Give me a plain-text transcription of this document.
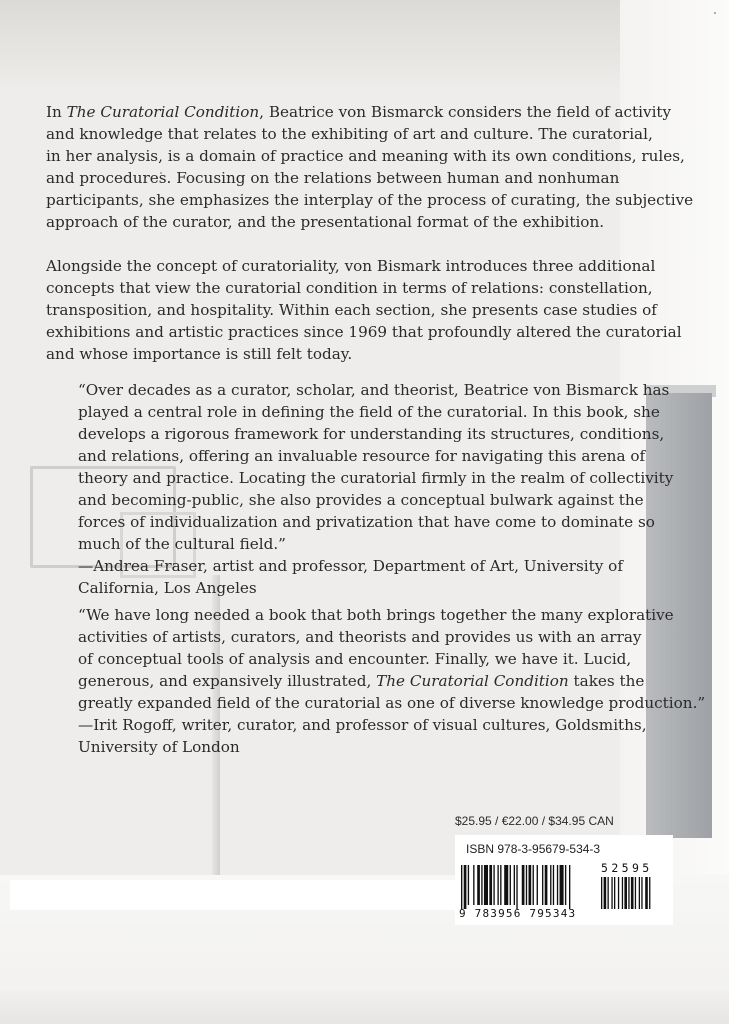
In The Curatorial Condition, Beatrice von Bismarck considers the field of activity
and knowledge that relates to the exhibiting of art and culture. The curatorial,
in her analysis, is a domain of practice and meaning with its own conditions, rules,
and procedures. Focusing on the relations between human and nonhuman
participants, she emphasizes the interplay of the process of curating, the subjective
approach of the curator, and the presentational format of the exhibition.

Alongside the concept of curatoriality, von Bismark introduces three additional
concepts that view the curatorial condition in terms of relations: constellation,
transposition, and hospitality. Within each section, she presents case studies of
exhibitions and artistic practices since 1969 that profoundly altered the curatorial
and whose importance is still felt today.

“Over decades as a curator, scholar, and theorist, Beatrice von Bismarck has
played a central role in defining the field of the curatorial. In this book, she
develops a rigorous framework for understanding its structures, conditions,
and relations, offering an invaluable resource for navigating this arena of
theory and practice. Locating the curatorial firmly in the realm of collectivity
and becoming-public, she also provides a conceptual bulwark against the
forces of individualization and privatization that have come to dominate so
much of the cultural field.”
—Andrea Fraser, artist and professor, Department of Art, University of
California, Los Angeles

“We have long needed a book that both brings together the many explorative
activities of artists, curators, and theorists and provides us with an array
of conceptual tools of analysis and encounter. Finally, we have it. Lucid,
generous, and expansively illustrated, The Curatorial Condition takes the
greatly expanded field of the curatorial as one of diverse knowledge production.”
—Irit Rogoff, writer, curator, and professor of visual cultures, Goldsmiths,
University of London

$25.95 / €22.00 / $34.95 CAN
ISBN 978-3-95679-534-3
52595
9 783956 795343
